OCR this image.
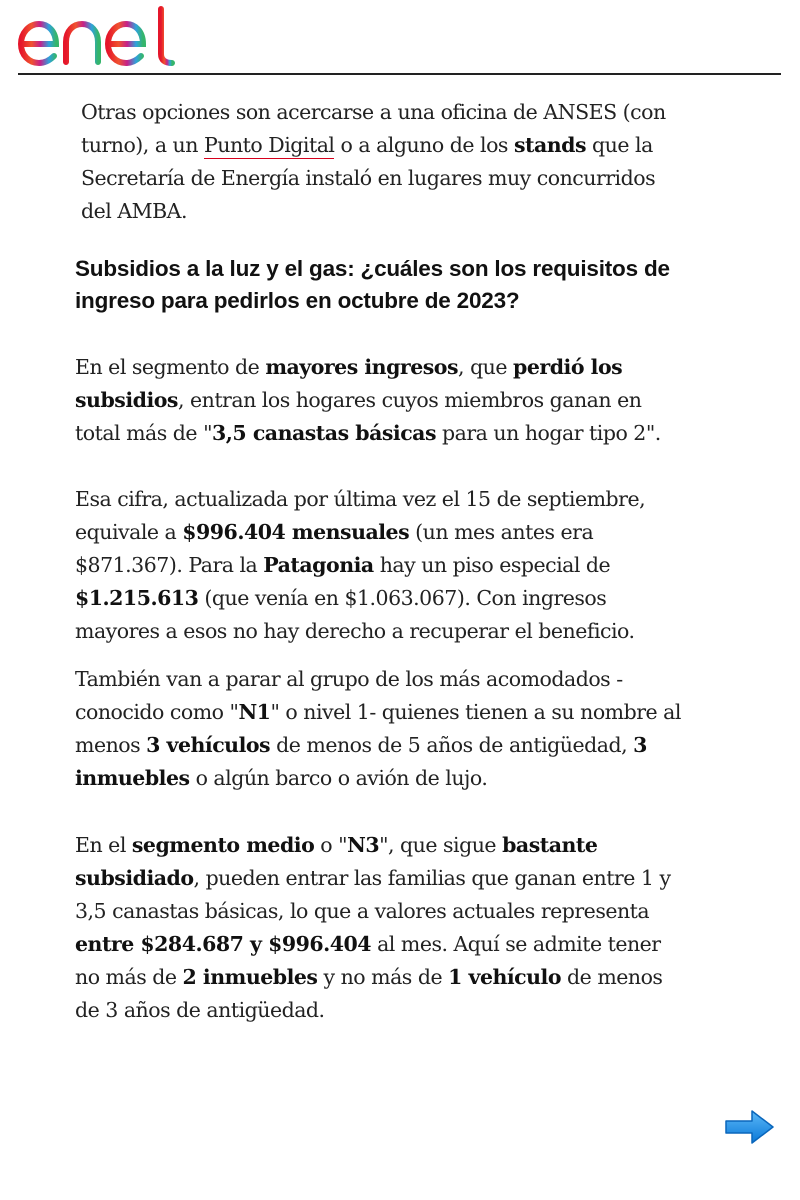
Otras opciones son acercarse a una oficina de ANSES (con turno), a un Punto Digital o a alguno de los stands que la Secretaría de Energía instaló en lugares muy concurridos del AMBA.

Subsidios a la luz y el gas: ¿cuáles son los requisitos de ingreso para pedirlos en octubre de 2023?

En el segmento de mayores ingresos, que perdió los subsidios, entran los hogares cuyos miembros ganan en total más de "3,5 canastas básicas para un hogar tipo 2".

Esa cifra, actualizada por última vez el 15 de septiembre, equivale a $996.404 mensuales (un mes antes era $871.367). Para la Patagonia hay un piso especial de $1.215.613 (que venía en $1.063.067). Con ingresos mayores a esos no hay derecho a recuperar el beneficio.

También van a parar al grupo de los más acomodados - conocido como "N1" o nivel 1- quienes tienen a su nombre al menos 3 vehículos de menos de 5 años de antigüedad, 3 inmuebles o algún barco o avión de lujo.

En el segmento medio o "N3", que sigue bastante subsidiado, pueden entrar las familias que ganan entre 1 y 3,5 canastas básicas, lo que a valores actuales representa entre $284.687 y $996.404 al mes. Aquí se admite tener no más de 2 inmuebles y no más de 1 vehículo de menos de 3 años de antigüedad.
